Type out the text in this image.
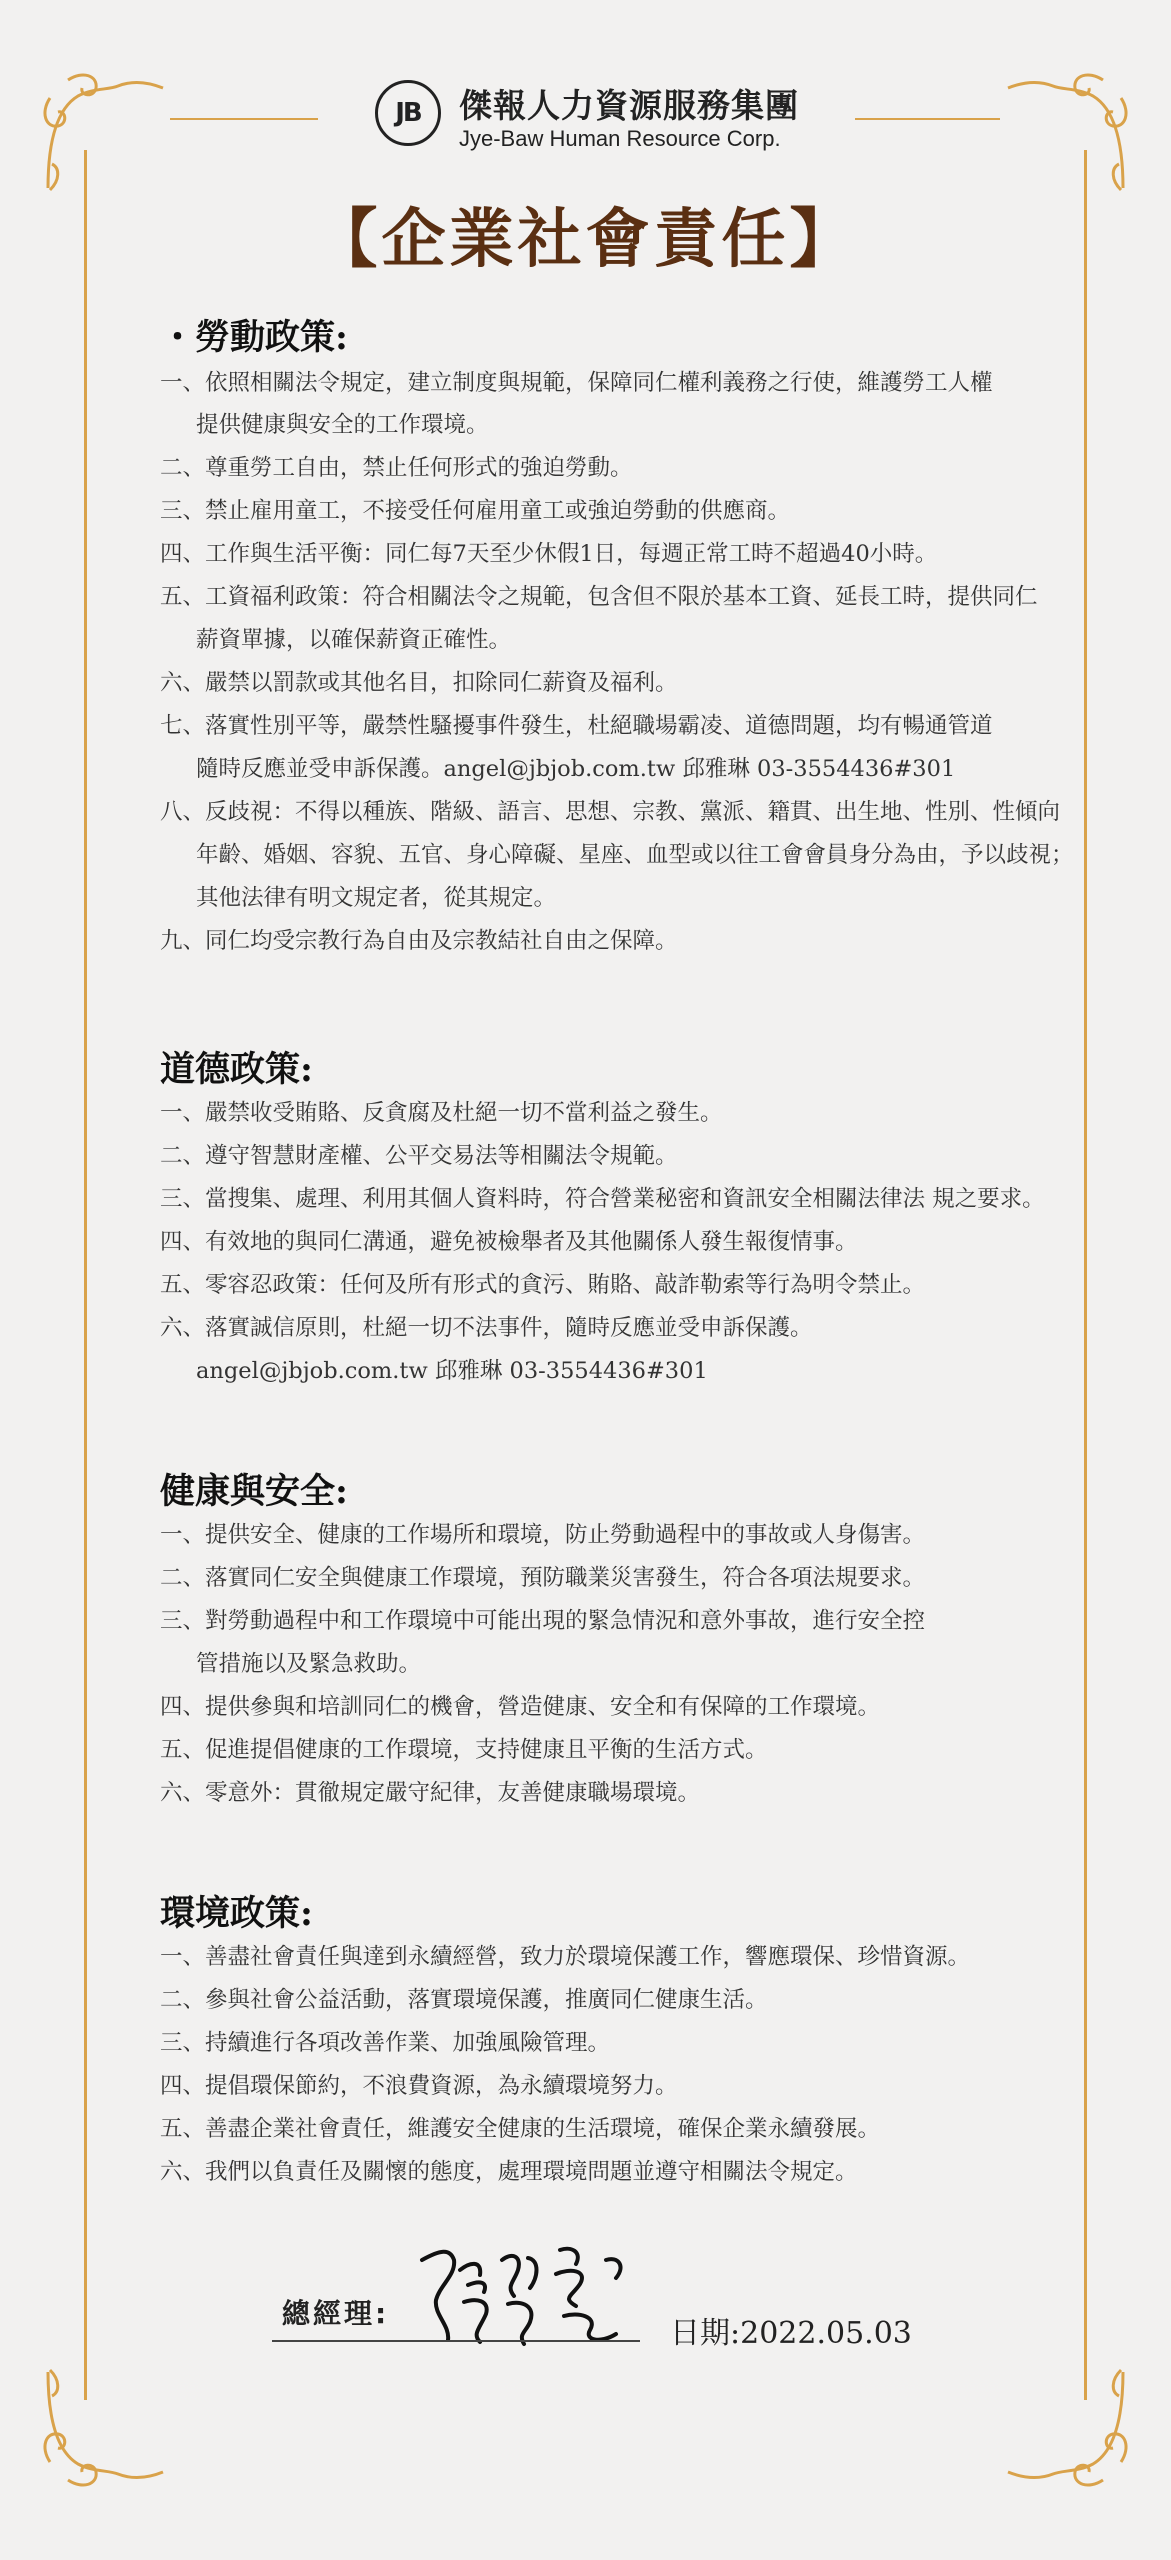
JB	傑報人力資源服務集團
Jye-Baw Human Resource Corp.
【企業社會責任】
・勞動政策:
一、依照相關法令規定，建立制度與規範，保障同仁權利義務之行使，維護勞工人權
提供健康與安全的工作環境。
二、尊重勞工自由，禁止任何形式的強迫勞動。
三、禁止雇用童工，不接受任何雇用童工或強迫勞動的供應商。
四、工作與生活平衡：同仁每7天至少休假1日，每週正常工時不超過40小時。
五、工資福利政策：符合相關法令之規範，包含但不限於基本工資、延長工時，提供同仁
薪資單據，以確保薪資正確性。
六、嚴禁以罰款或其他名目，扣除同仁薪資及福利。
七、落實性別平等，嚴禁性騷擾事件發生，杜絕職場霸凌、道德問題，均有暢通管道
隨時反應並受申訴保護。angel@jbjob.com.tw 邱雅琳 03-3554436#301
八、反歧視：不得以種族、階級、語言、思想、宗教、黨派、籍貫、出生地、性別、性傾向
年齡、婚姻、容貌、五官、身心障礙、星座、血型或以往工會會員身分為由，予以歧視；
其他法律有明文規定者，從其規定。
九、同仁均受宗教行為自由及宗教結社自由之保障。
道德政策:
一、嚴禁收受賄賂、反貪腐及杜絕一切不當利益之發生。
二、遵守智慧財產權、公平交易法等相關法令規範。
三、當搜集、處理、利用其個人資料時，符合營業秘密和資訊安全相關法律法 規之要求。
四、有效地的與同仁溝通，避免被檢舉者及其他關係人發生報復情事。
五、零容忍政策：任何及所有形式的貪污、賄賂、敲詐勒索等行為明令禁止。
六、落實誠信原則，杜絕一切不法事件，隨時反應並受申訴保護。
angel@jbjob.com.tw 邱雅琳 03-3554436#301
健康與安全:
一、提供安全、健康的工作場所和環境，防止勞動過程中的事故或人身傷害。
二、落實同仁安全與健康工作環境，預防職業災害發生，符合各項法規要求。
三、對勞動過程中和工作環境中可能出現的緊急情況和意外事故，進行安全控
管措施以及緊急救助。
四、提供參與和培訓同仁的機會，營造健康、安全和有保障的工作環境。
五、促進提倡健康的工作環境，支持健康且平衡的生活方式。
六、零意外：貫徹規定嚴守紀律，友善健康職場環境。
環境政策:
一、善盡社會責任與達到永續經營，致力於環境保護工作，響應環保、珍惜資源。
二、參與社會公益活動，落實環境保護，推廣同仁健康生活。
三、持續進行各項改善作業、加強風險管理。
四、提倡環保節約，不浪費資源，為永續環境努力。
五、善盡企業社會責任，維護安全健康的生活環境，確保企業永續發展。
六、我們以負責任及關懷的態度，處理環境問題並遵守相關法令規定。
總經理:
日期:2022.05.03
